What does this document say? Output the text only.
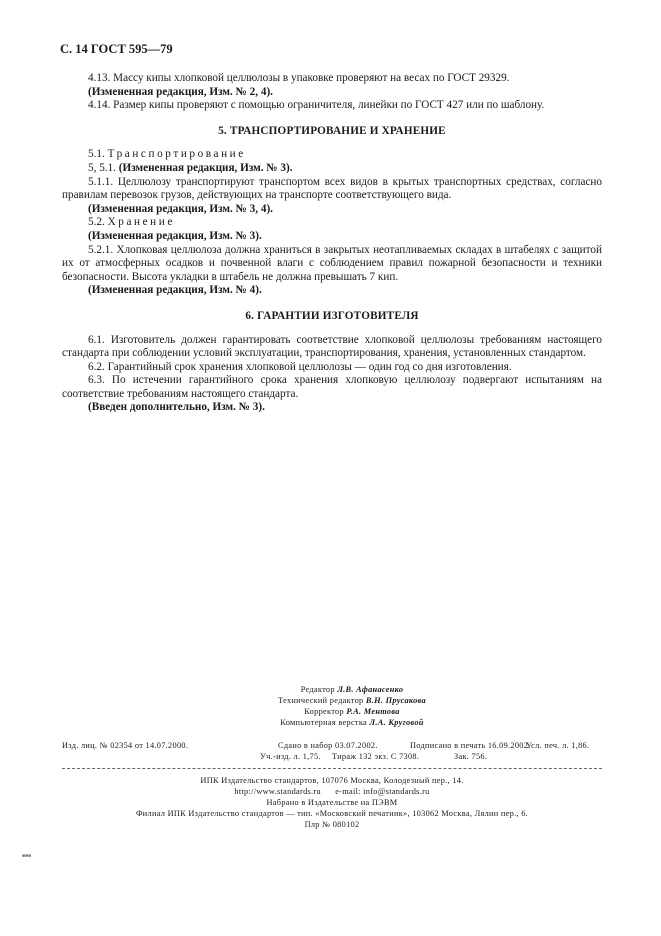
С. 14 ГОСТ 595—79
4.13. Массу кипы хлопковой целлюлозы в упаковке проверяют на весах по ГОСТ 29329.
(Измененная редакция, Изм. № 2, 4).
4.14. Размер кипы проверяют с помощью ограничителя, линейки по ГОСТ 427 или по шаблону.
5. ТРАНСПОРТИРОВАНИЕ И ХРАНЕНИЕ
5.1. Транспортирование
5, 5.1. (Измененная редакция, Изм. № 3).
5.1.1. Целлюлозу транспортируют транспортом всех видов в крытых транспортных средствах, согласно правилам перевозок грузов, действующих на транспорте соответствующего вида.
(Измененная редакция, Изм. № 3, 4).
5.2. Хранение
(Измененная редакция, Изм. № 3).
5.2.1. Хлопковая целлюлоза должна храниться в закрытых неотапливаемых складах в штабелях с защитой их от атмосферных осадков и почвенной влаги с соблюдением правил пожарной безопасности и техники безопасности. Высота укладки в штабель не должна превышать 7 кип.
(Измененная редакция, Изм. № 4).
6. ГАРАНТИИ ИЗГОТОВИТЕЛЯ
6.1. Изготовитель должен гарантировать соответствие хлопковой целлюлозы требованиям настоящего стандарта при соблюдении условий эксплуатации, транспортирования, хранения, установленных стандартом.
6.2. Гарантийный срок хранения хлопковой целлюлозы — один год со дня изготовления.
6.3. По истечении гарантийного срока хранения хлопковую целлюлозу подвергают испытаниям на соответствие требованиям настоящего стандарта.
(Введен дополнительно, Изм. № 3).
Редактор Л.В. Афанасенко
Технический редактор В.Н. Прусакова
Корректор Р.А. Ментова
Компьютерная верстка Л.А. Круговой
Изд. лиц. № 02354 от 14.07.2000.	Сдано в набор 03.07.2002.	Подписано в печать 16.09.2002.
Усл. печ. л. 1,86.
Уч.-изд. л. 1,75. Тираж 132 экз. С 7308.	Зак. 756.
ИПК Издательство стандартов, 107076 Москва, Колодезный пер., 14.
http://www.standards.ru e-mail: info@standards.ru
Набрано в Издательстве на ПЭВМ
Филиал ИПК Издательство стандартов — тип. «Московский печатник», 103062 Москва, Лялин пер., 6.
Плр № 080102
■■■
